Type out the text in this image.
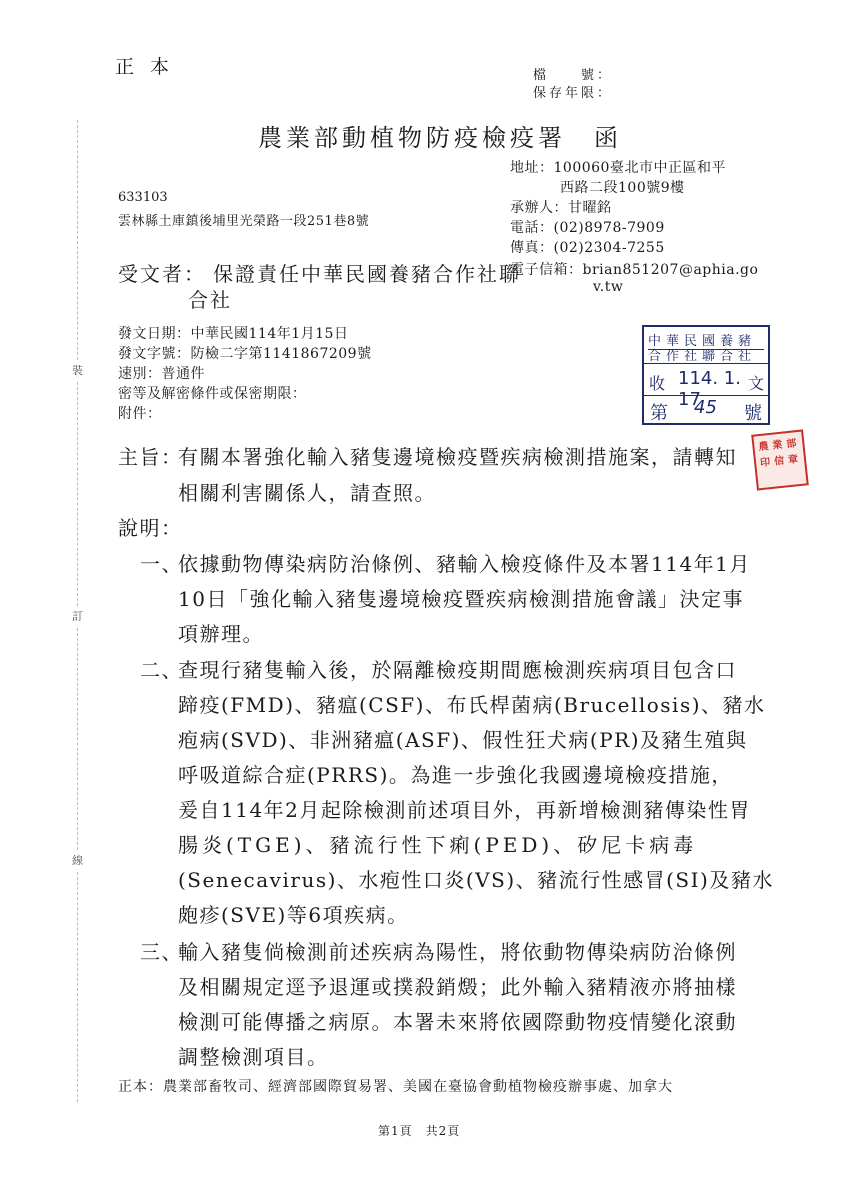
正本	檔　　號：
保存年限：
農業部動植物防疫檢疫署　函
地址：100060臺北市中正區和平
西路二段100號9樓
承辦人：甘曜銘
電話：(02)8978-7909
傳真：(02)2304-7255
電子信箱：brian851207@aphia.go
v.tw
633103
雲林縣土庫鎮後埔里光榮路一段251巷8號
受文者： 保證責任中華民國養豬合作社聯
合社
發文日期：中華民國114年1月15日
發文字號：防檢二字第1141867209號
速別：普通件
密等及解密條件或保密期限：
附件：
中華民國養豬
合作社聯合社
收 114. 1. 17
文
第 45 號
農 業 部
印 信 章
主旨：
有關本署強化輸入豬隻邊境檢疫暨疾病檢測措施案，請轉知
相關利害關係人，請查照。
說明：
一、
依據動物傳染病防治條例、豬輸入檢疫條件及本署114年1月
10日「強化輸入豬隻邊境檢疫暨疾病檢測措施會議」決定事
項辦理。
二、
查現行豬隻輸入後，於隔離檢疫期間應檢測疾病項目包含口
蹄疫(FMD)、豬瘟(CSF)、布氏桿菌病(Brucellosis)、豬水
疱病(SVD)、非洲豬瘟(ASF)、假性狂犬病(PR)及豬生殖與
呼吸道綜合症(PRRS)。為進一步強化我國邊境檢疫措施，
爰自114年2月起除檢測前述項目外，再新增檢測豬傳染性胃
腸炎(TGE)、豬流行性下痢(PED)、矽尼卡病毒
(Senecavirus)、水疱性口炎(VS)、豬流行性感冒(SI)及豬水
皰疹(SVE)等6項疾病。
三、
輸入豬隻倘檢測前述疾病為陽性，將依動物傳染病防治條例
及相關規定逕予退運或撲殺銷燬；此外輸入豬精液亦將抽樣
檢測可能傳播之病原。本署未來將依國際動物疫情變化滾動
調整檢測項目。
正本：農業部畜牧司、經濟部國際貿易署、美國在臺協會動植物檢疫辦事處、加拿大
第1頁　共2頁
裝
訂
線
